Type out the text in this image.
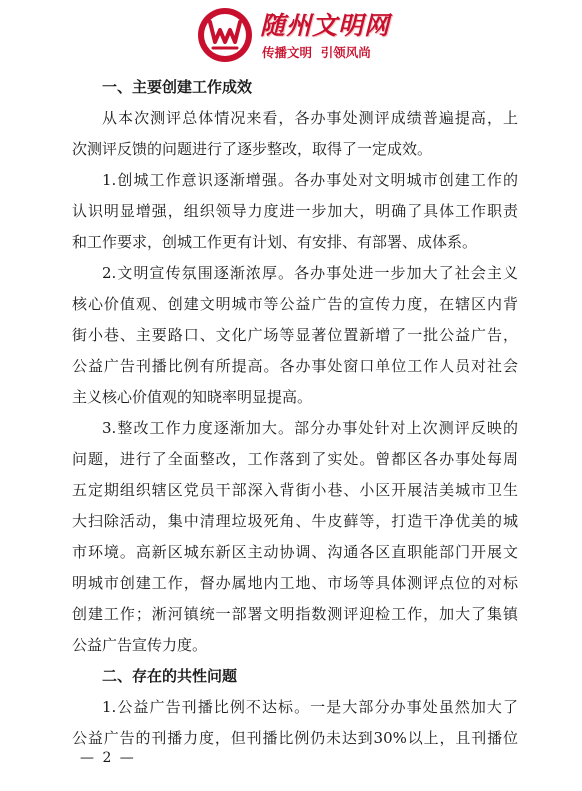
随州文明网
传播文明  引领风尚
一、主要创建工作成效
从本次测评总体情况来看，各办事处测评成绩普遍提高，上
次测评反馈的问题进行了逐步整改，取得了一定成效。
1.创城工作意识逐渐增强。各办事处对文明城市创建工作的
认识明显增强，组织领导力度进一步加大，明确了具体工作职责
和工作要求，创城工作更有计划、有安排、有部署、成体系。
2.文明宣传氛围逐渐浓厚。各办事处进一步加大了社会主义
核心价值观、创建文明城市等公益广告的宣传力度，在辖区内背
街小巷、主要路口、文化广场等显著位置新增了一批公益广告，
公益广告刊播比例有所提高。各办事处窗口单位工作人员对社会
主义核心价值观的知晓率明显提高。
3.整改工作力度逐渐加大。部分办事处针对上次测评反映的
问题，进行了全面整改，工作落到了实处。曾都区各办事处每周
五定期组织辖区党员干部深入背街小巷、小区开展洁美城市卫生
大扫除活动，集中清理垃圾死角、牛皮藓等，打造干净优美的城
市环境。高新区城东新区主动协调、沟通各区直职能部门开展文
明城市创建工作，督办属地内工地、市场等具体测评点位的对标
创建工作；淅河镇统一部署文明指数测评迎检工作，加大了集镇
公益广告宣传力度。
二、存在的共性问题
1.公益广告刊播比例不达标。一是大部分办事处虽然加大了
公益广告的刊播力度，但刊播比例仍未达到30%以上，且刊播位
— 2 —
